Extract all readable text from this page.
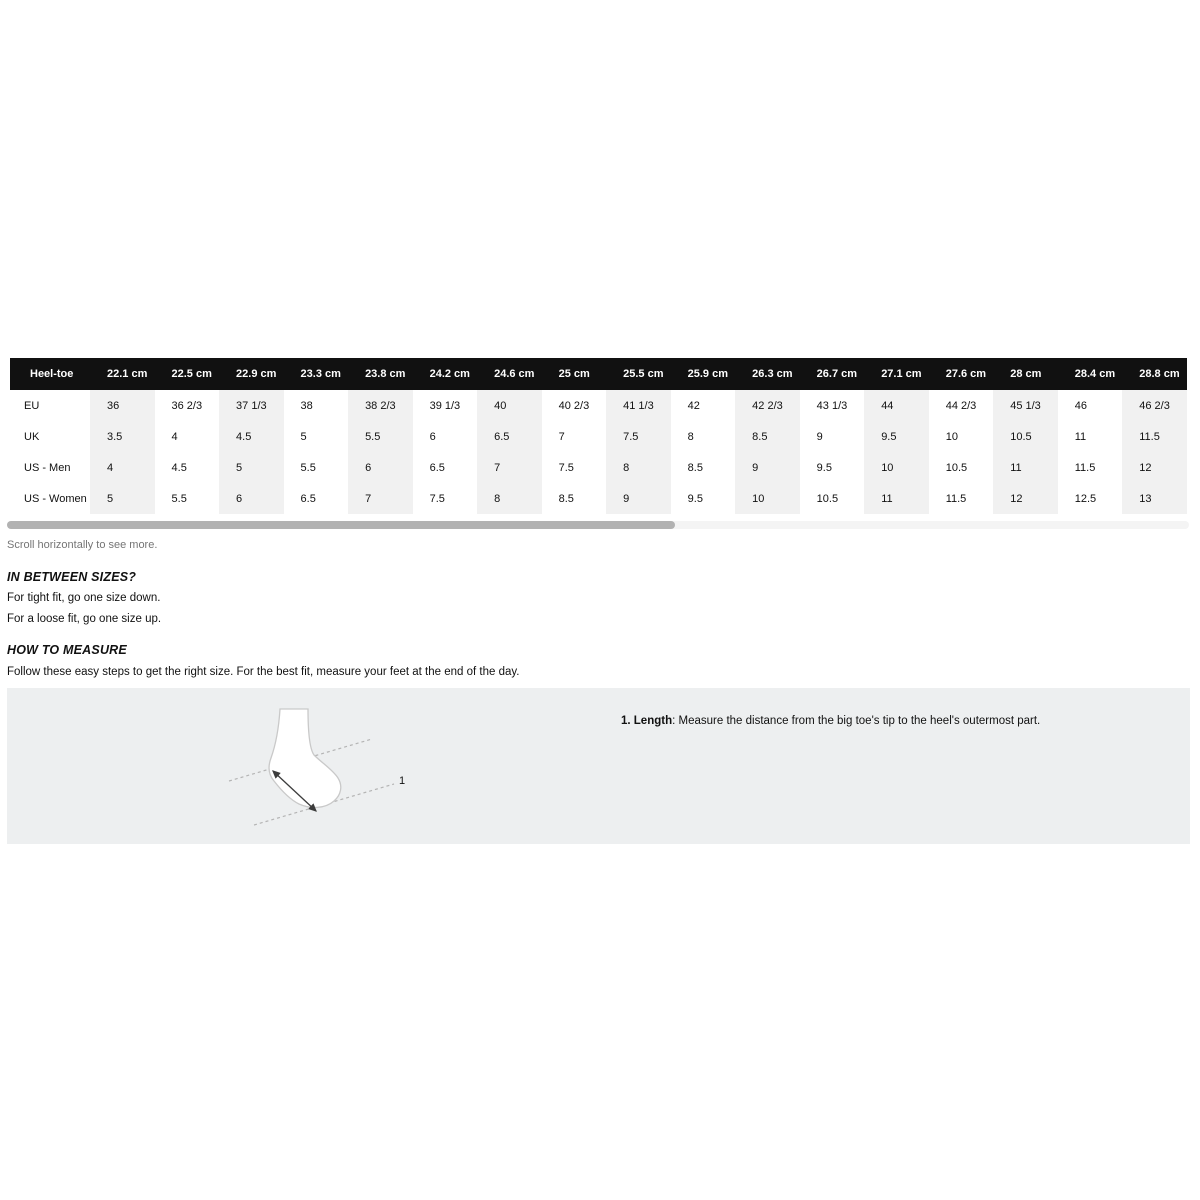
Heel-toe	22.1 cm	22.5 cm	22.9 cm	23.3 cm	23.8 cm	24.2 cm	24.6 cm	25 cm	25.5 cm	25.9 cm	26.3 cm	26.7 cm	27.1 cm	27.6 cm	28 cm	28.4 cm	28.8 cm
EU	36	36 2/3	37 1/3	38	38 2/3	39 1/3	40	40 2/3	41 1/3	42	42 2/3	43 1/3	44	44 2/3	45 1/3	46	46 2/3
UK	3.5	4	4.5	5	5.5	6	6.5	7	7.5	8	8.5	9	9.5	10	10.5	11	11.5
US - Men	4	4.5	5	5.5	6	6.5	7	7.5	8	8.5	9	9.5	10	10.5	11	11.5	12
US - Women	5	5.5	6	6.5	7	7.5	8	8.5	9	9.5	10	10.5	11	11.5	12	12.5	13
Scroll horizontally to see more.
IN BETWEEN SIZES?
For tight fit, go one size down.
For a loose fit, go one size up.
HOW TO MEASURE
Follow these easy steps to get the right size. For the best fit, measure your feet at the end of the day.
1
1. Length: Measure the distance from the big toe's tip to the heel's outermost part.
